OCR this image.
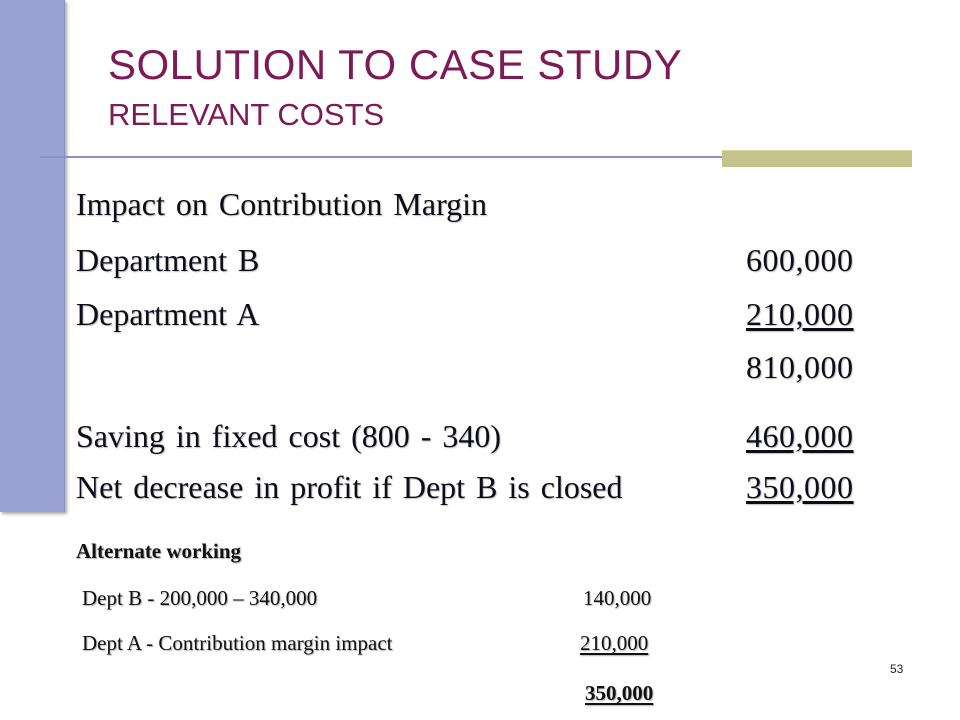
SOLUTION TO CASE STUDY
RELEVANT COSTS
Impact on Contribution Margin
Department B	600,000
Department A	210,000
810,000
Saving in fixed cost (800 - 340)	460,000
Net decrease in profit if Dept B is closed	350,000
Alternate working
Dept B - 200,000 – 340,000	140,000
Dept A - Contribution margin impact	210,000
350,000
53
